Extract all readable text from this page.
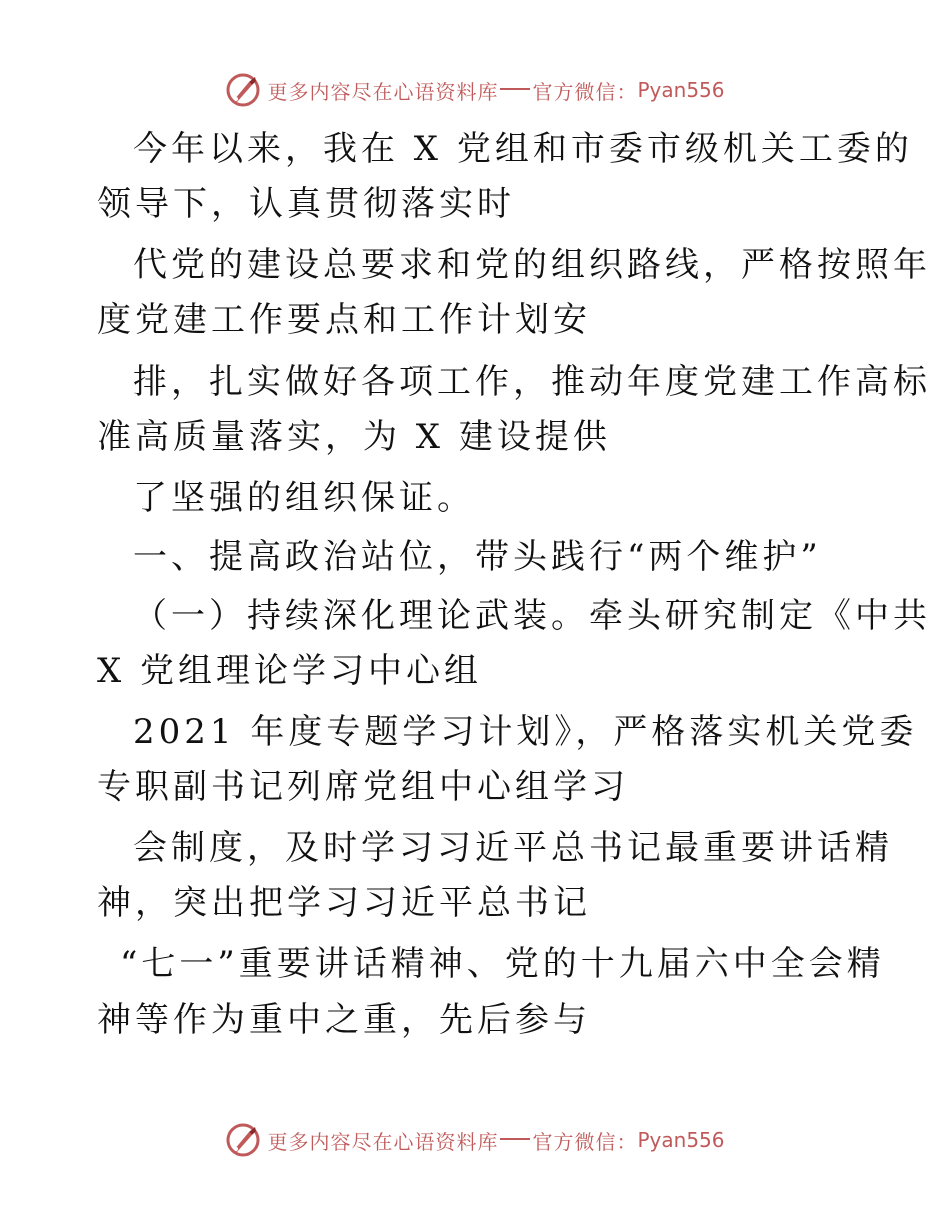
更多内容尽在心语资料库 官方微信： Pyan556
今年以来，我在 X 党组和市委市级机关工委的
领导下，认真贯彻落实时
代党的建设总要求和党的组织路线，严格按照年
度党建工作要点和工作计划安
排，扎实做好各项工作，推动年度党建工作高标
准高质量落实，为 X 建设提供
了坚强的组织保证。
一、提高政治站位，带头践行“两个维护”
（一）持续深化理论武装。牵头研究制定《中共
X 党组理论学习中心组
2021 年度专题学习计划》，严格落实机关党委
专职副书记列席党组中心组学习
会制度，及时学习习近平总书记最重要讲话精
神，突出把学习习近平总书记
“七一”重要讲话精神、党的十九届六中全会精
神等作为重中之重，先后参与
更多内容尽在心语资料库 官方微信： Pyan556
